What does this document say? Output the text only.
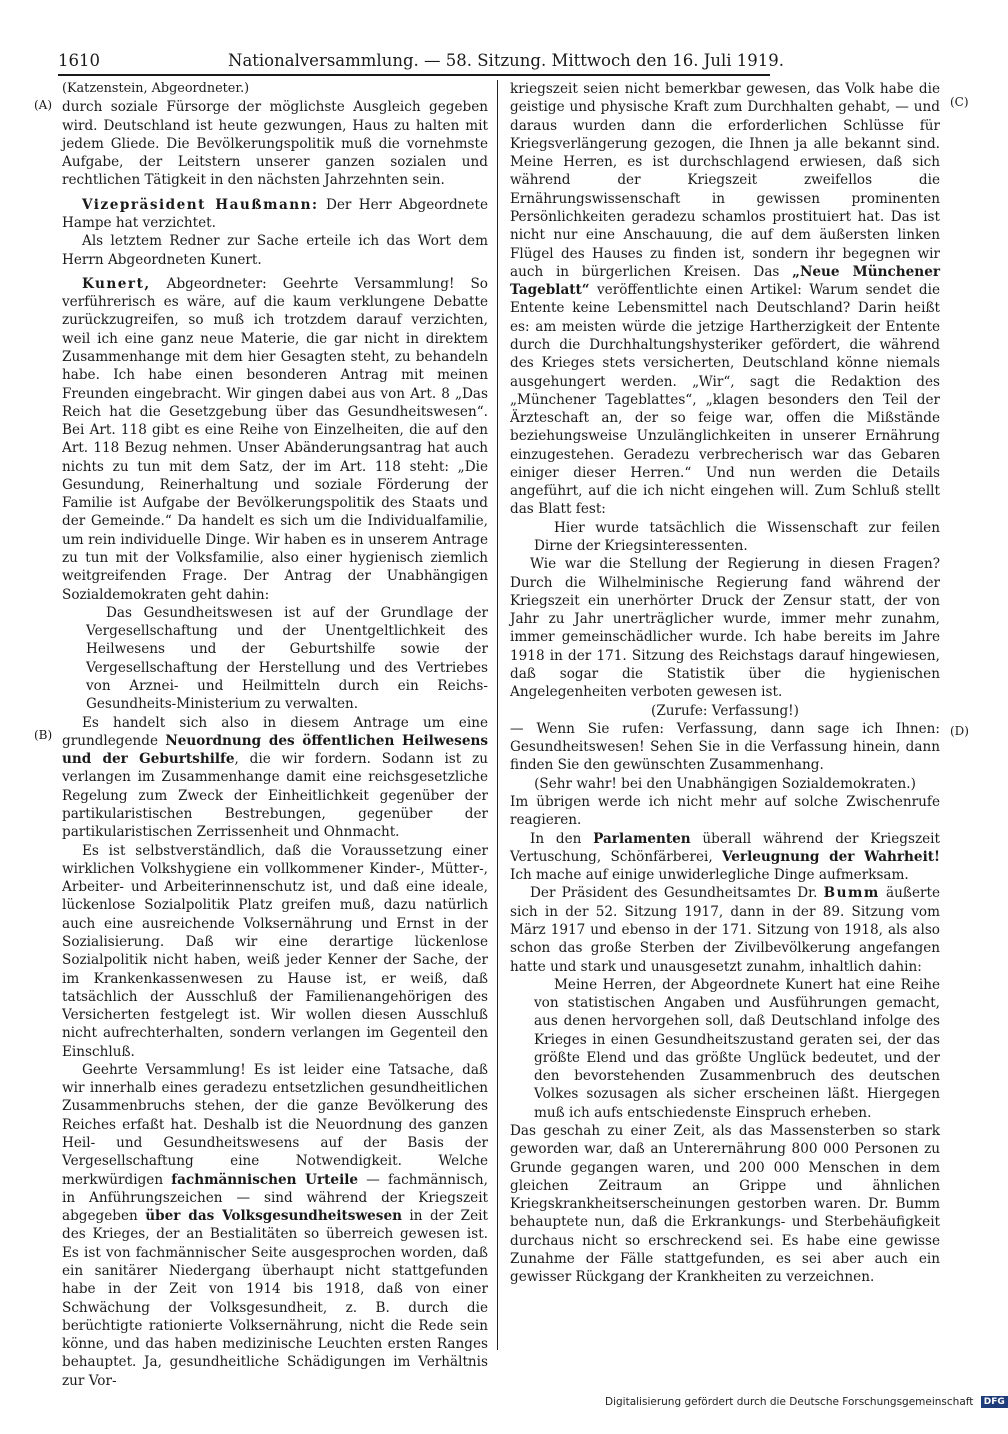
1610	Nationalversammlung. — 58. Sitzung. Mittwoch den 16. Juli 1919.
(A)
(B)
(C)
(D)

(Katzenstein, Abgeordneter.)

durch soziale Fürsorge der möglichste Ausgleich gegeben wird. Deutschland ist heute gezwungen, Haus zu halten mit jedem Gliede. Die Bevölkerungspolitik muß die vornehmste Aufgabe, der Leitstern unserer ganzen sozialen und rechtlichen Tätigkeit in den nächsten Jahrzehnten sein.

Vizepräsident Haußmann: Der Herr Abgeordnete Hampe hat verzichtet.

Als letztem Redner zur Sache erteile ich das Wort dem Herrn Abgeordneten Kunert.

Kunert, Abgeordneter: Geehrte Versammlung! So verführerisch es wäre, auf die kaum verklungene Debatte zurückzugreifen, so muß ich trotzdem darauf verzichten, weil ich eine ganz neue Materie, die gar nicht in direktem Zusammenhange mit dem hier Gesagten steht, zu behandeln habe. Ich habe einen besonderen Antrag mit meinen Freunden eingebracht. Wir gingen dabei aus von Art. 8 „Das Reich hat die Gesetzgebung über das Gesundheitswesen“. Bei Art. 118 gibt es eine Reihe von Einzelheiten, die auf den Art. 118 Bezug nehmen. Unser Abänderungsantrag hat auch nichts zu tun mit dem Satz, der im Art. 118 steht: „Die Gesundung, Reinerhaltung und soziale Förderung der Familie ist Aufgabe der Bevölkerungspolitik des Staats und der Gemeinde.“ Da handelt es sich um die Individualfamilie, um rein individuelle Dinge. Wir haben es in unserem Antrage zu tun mit der Volksfamilie, also einer hygienisch ziemlich weitgreifenden Frage. Der Antrag der Unabhängigen Sozialdemokraten geht dahin:

Das Gesundheitswesen ist auf der Grundlage der Vergesellschaftung und der Unentgeltlichkeit des Heilwesens und der Geburtshilfe sowie der Vergesellschaftung der Herstellung und des Vertriebes von Arznei- und Heilmitteln durch ein Reichs-Gesundheits-Ministerium zu verwalten.

Es handelt sich also in diesem Antrage um eine grundlegende Neuordnung des öffentlichen Heilwesens und der Geburtshilfe, die wir fordern. Sodann ist zu verlangen im Zusammenhange damit eine reichsgesetzliche Regelung zum Zweck der Einheitlichkeit gegenüber der partikularistischen Bestrebungen, gegenüber der partikularistischen Zerrissenheit und Ohnmacht.

Es ist selbstverständlich, daß die Voraussetzung einer wirklichen Volkshygiene ein vollkommener Kinder-, Mütter-, Arbeiter- und Arbeiterinnenschutz ist, und daß eine ideale, lückenlose Sozialpolitik Platz greifen muß, dazu natürlich auch eine ausreichende Volksernährung und Ernst in der Sozialisierung. Daß wir eine derartige lückenlose Sozialpolitik nicht haben, weiß jeder Kenner der Sache, der im Krankenkassenwesen zu Hause ist, er weiß, daß tatsächlich der Ausschluß der Familienangehörigen des Versicherten festgelegt ist. Wir wollen diesen Ausschluß nicht aufrechterhalten, sondern verlangen im Gegenteil den Einschluß.

Geehrte Versammlung! Es ist leider eine Tatsache, daß wir innerhalb eines geradezu entsetzlichen gesundheitlichen Zusammenbruchs stehen, der die ganze Bevölkerung des Reiches erfaßt hat. Deshalb ist die Neuordnung des ganzen Heil- und Gesundheitswesens auf der Basis der Vergesellschaftung eine Notwendigkeit. Welche merkwürdigen fachmännischen Urteile — fachmännisch, in Anführungszeichen — sind während der Kriegszeit abgegeben über das Volksgesundheitswesen in der Zeit des Krieges, der an Bestialitäten so überreich gewesen ist. Es ist von fachmännischer Seite ausgesprochen worden, daß ein sanitärer Niedergang überhaupt nicht stattgefunden habe in der Zeit von 1914 bis 1918, daß von einer Schwächung der Volksgesundheit, z. B. durch die berüchtigte rationierte Volksernährung, nicht die Rede sein könne, und das haben medizinische Leuchten ersten Ranges behauptet. Ja, gesundheitliche Schädigungen im Verhältnis zur Vor-

kriegszeit seien nicht bemerkbar gewesen, das Volk habe die geistige und physische Kraft zum Durchhalten gehabt, — und daraus wurden dann die erforderlichen Schlüsse für Kriegsverlängerung gezogen, die Ihnen ja alle bekannt sind. Meine Herren, es ist durchschlagend erwiesen, daß sich während der Kriegszeit zweifellos die Ernährungswissenschaft in gewissen prominenten Persönlichkeiten geradezu schamlos prostituiert hat. Das ist nicht nur eine Anschauung, die auf dem äußersten linken Flügel des Hauses zu finden ist, sondern ihr begegnen wir auch in bürgerlichen Kreisen. Das „Neue Münchener Tageblatt“ veröffentlichte einen Artikel: Warum sendet die Entente keine Lebensmittel nach Deutschland? Darin heißt es: am meisten würde die jetzige Hartherzigkeit der Entente durch die Durchhaltungshysteriker gefördert, die während des Krieges stets versicherten, Deutschland könne niemals ausgehungert werden. „Wir“, sagt die Redaktion des „Münchener Tageblattes“, „klagen besonders den Teil der Ärzteschaft an, der so feige war, offen die Mißstände beziehungsweise Unzulänglichkeiten in unserer Ernährung einzugestehen. Geradezu verbrecherisch war das Gebaren einiger dieser Herren.“ Und nun werden die Details angeführt, auf die ich nicht eingehen will. Zum Schluß stellt das Blatt fest:

Hier wurde tatsächlich die Wissenschaft zur feilen Dirne der Kriegsinteressenten.

Wie war die Stellung der Regierung in diesen Fragen? Durch die Wilhelminische Regierung fand während der Kriegszeit ein unerhörter Druck der Zensur statt, der von Jahr zu Jahr unerträglicher wurde, immer mehr zunahm, immer gemeinschädlicher wurde. Ich habe bereits im Jahre 1918 in der 171. Sitzung des Reichstags darauf hingewiesen, daß sogar die Statistik über die hygienischen Angelegenheiten verboten gewesen ist.

(Zurufe: Verfassung!)

— Wenn Sie rufen: Verfassung, dann sage ich Ihnen: Gesundheitswesen! Sehen Sie in die Verfassung hinein, dann finden Sie den gewünschten Zusammenhang.

(Sehr wahr! bei den Unabhängigen Sozialdemokraten.)

Im übrigen werde ich nicht mehr auf solche Zwischenrufe reagieren.

In den Parlamenten überall während der Kriegszeit Vertuschung, Schönfärberei, Verleugnung der Wahrheit! Ich mache auf einige unwiderlegliche Dinge aufmerksam.

Der Präsident des Gesundheitsamtes Dr. Bumm äußerte sich in der 52. Sitzung 1917, dann in der 89. Sitzung vom März 1917 und ebenso in der 171. Sitzung von 1918, als also schon das große Sterben der Zivilbevölkerung angefangen hatte und stark und unausgesetzt zunahm, inhaltlich dahin:

Meine Herren, der Abgeordnete Kunert hat eine Reihe von statistischen Angaben und Ausführungen gemacht, aus denen hervorgehen soll, daß Deutschland infolge des Krieges in einen Gesundheitszustand geraten sei, der das größte Elend und das größte Unglück bedeutet, und der den bevorstehenden Zusammenbruch des deutschen Volkes sozusagen als sicher erscheinen läßt. Hiergegen muß ich aufs entschiedenste Einspruch erheben.

Das geschah zu einer Zeit, als das Massensterben so stark geworden war, daß an Unterernährung 800 000 Personen zu Grunde gegangen waren, und 200 000 Menschen in dem gleichen Zeitraum an Grippe und ähnlichen Kriegskrankheitserscheinungen gestorben waren. Dr. Bumm behauptete nun, daß die Erkrankungs- und Sterbehäufigkeit durchaus nicht so erschreckend sei. Es habe eine gewisse Zunahme der Fälle stattgefunden, es sei aber auch ein gewisser Rückgang der Krankheiten zu verzeichnen.

Digitalisierung gefördert durch die Deutsche Forschungsgemeinschaft DFG
